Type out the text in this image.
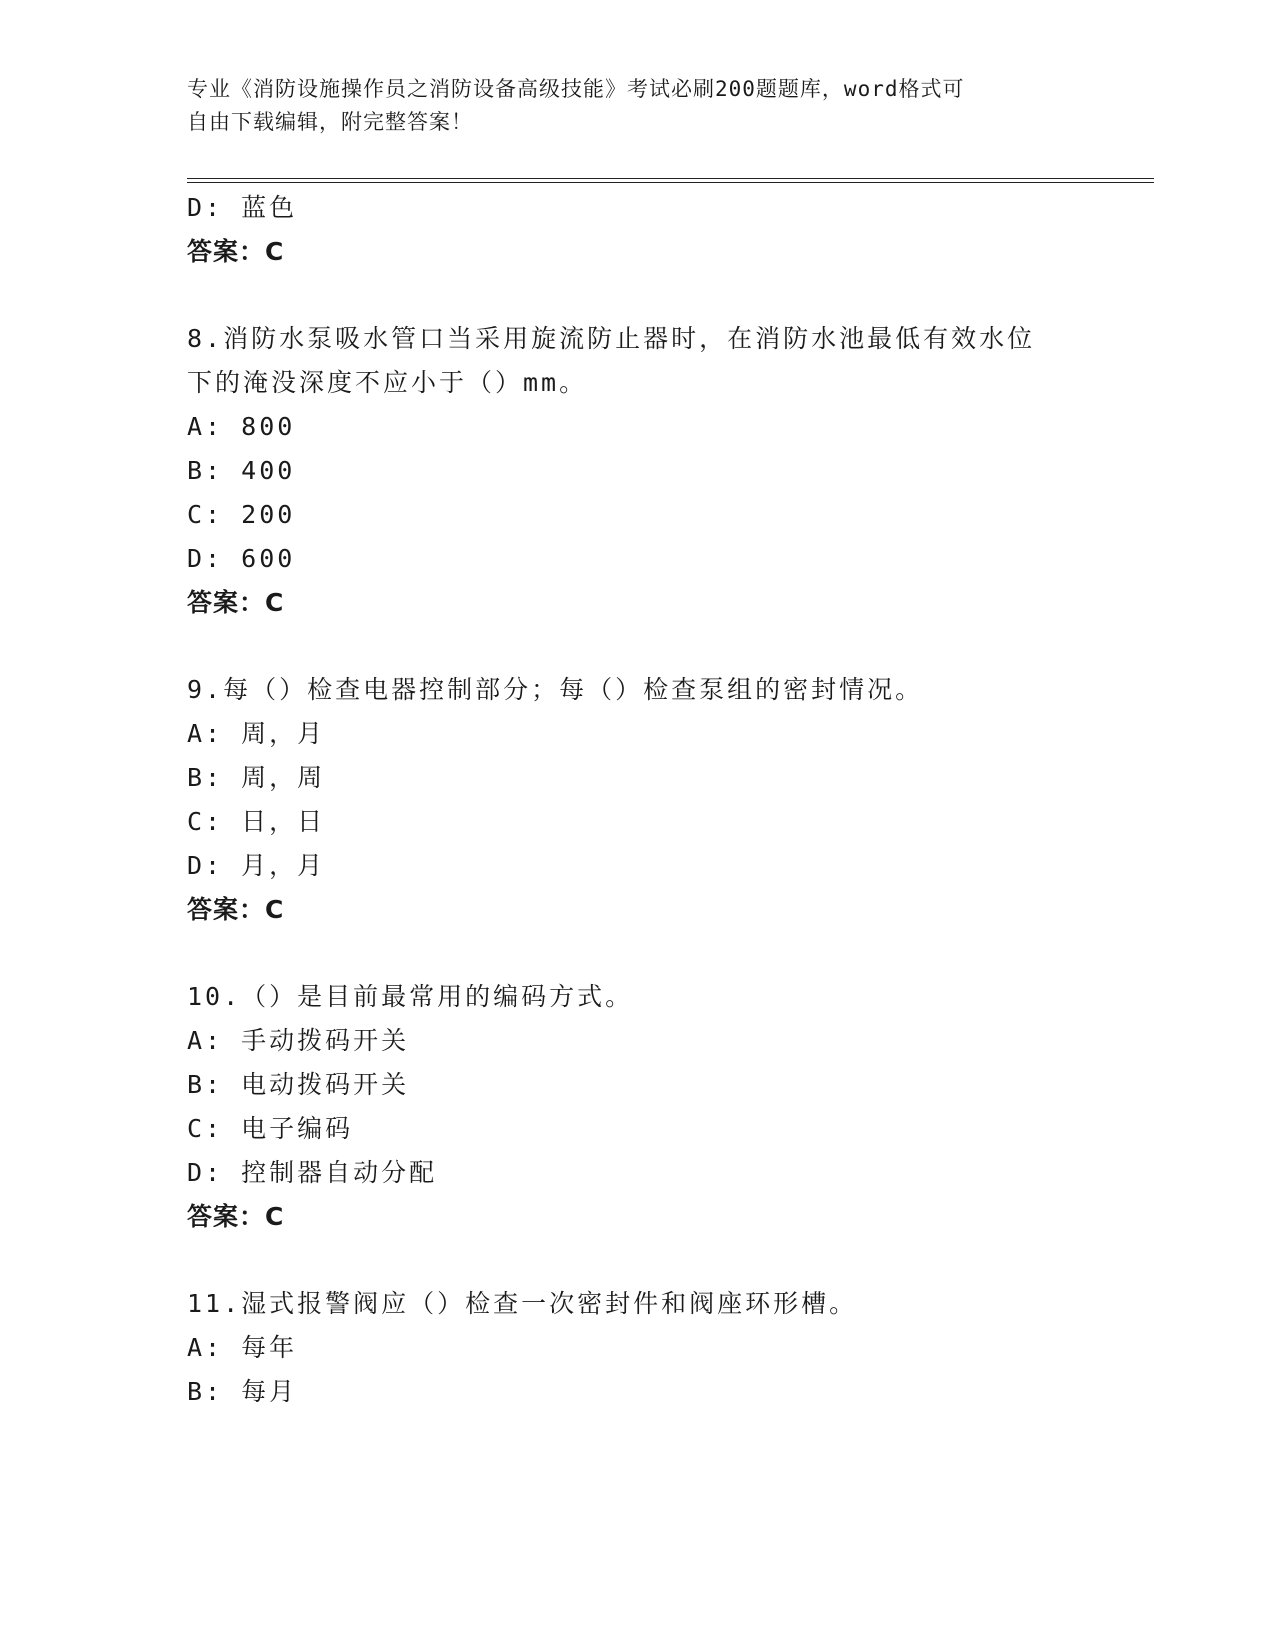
专业《消防设施操作员之消防设备高级技能》考试必刷200题题库，word格式可
自由下载编辑，附完整答案！
D: 蓝色
答案：C
8.消防水泵吸水管口当采用旋流防止器时，在消防水池最低有效水位
下的淹没深度不应小于（）mm。
A: 800
B: 400
C: 200
D: 600
答案：C
9.每（）检查电器控制部分；每（）检查泵组的密封情况。
A: 周，月
B: 周，周
C: 日，日
D: 月，月
答案：C
10.（）是目前最常用的编码方式。
A: 手动拨码开关
B: 电动拨码开关
C: 电子编码
D: 控制器自动分配
答案：C
11.湿式报警阀应（）检查一次密封件和阀座环形槽。
A: 每年
B: 每月
